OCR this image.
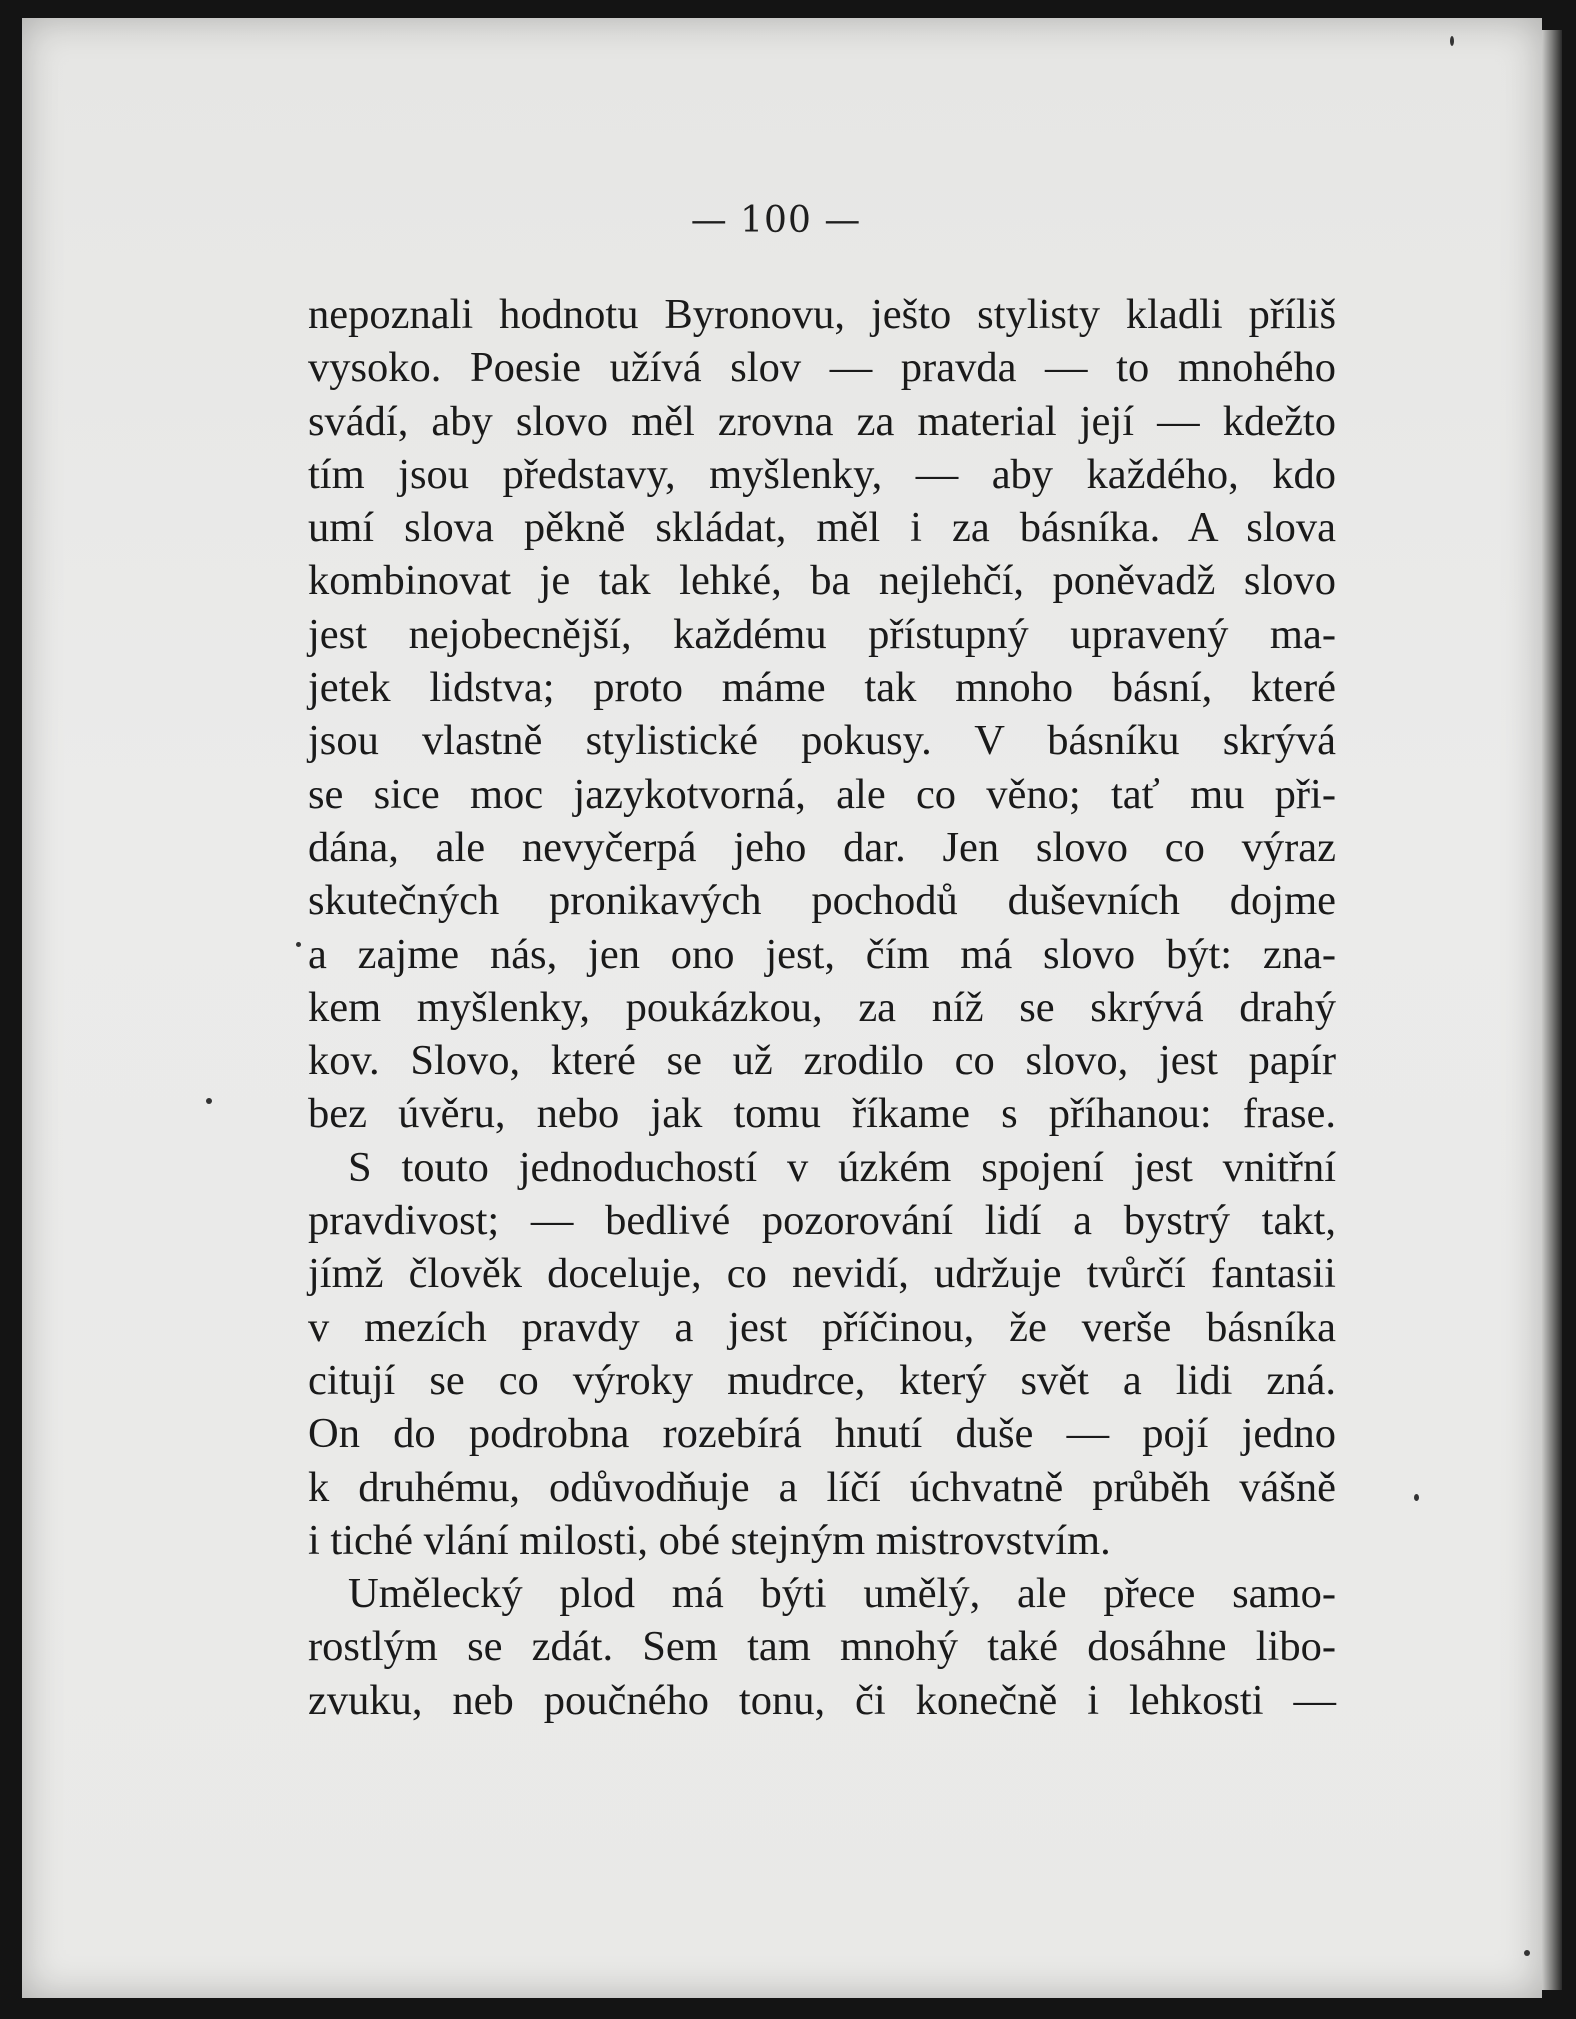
— 100 —
nepoznali hodnotu Byronovu, ješto stylisty kladli příliš
vysoko. Poesie užívá slov — pravda — to mnohého
svádí, aby slovo měl zrovna za material její — kdežto
tím jsou představy, myšlenky, — aby každého, kdo
umí slova pěkně skládat, měl i za básníka. A slova
kombinovat je tak lehké, ba nejlehčí, poněvadž slovo
jest nejobecnější, každému přístupný upravený ma-
jetek lidstva; proto máme tak mnoho básní, které
jsou vlastně stylistické pokusy. V básníku skrývá
se sice moc jazykotvorná, ale co věno; tať mu při-
dána, ale nevyčerpá jeho dar. Jen slovo co výraz
skutečných pronikavých pochodů duševních dojme
a zajme nás, jen ono jest, čím má slovo být: zna-
kem myšlenky, poukázkou, za níž se skrývá drahý
kov. Slovo, které se už zrodilo co slovo, jest papír
bez úvěru, nebo jak tomu říkame s příhanou: frase.
S touto jednoduchostí v úzkém spojení jest vnitřní
pravdivost; — bedlivé pozorování lidí a bystrý takt,
jímž člověk doceluje, co nevidí, udržuje tvůrčí fantasii
v mezích pravdy a jest příčinou, že verše básníka
citují se co výroky mudrce, který svět a lidi zná.
On do podrobna rozebírá hnutí duše — pojí jedno
k druhému, odůvodňuje a líčí úchvatně průběh vášně
i tiché vlání milosti, obé stejným mistrovstvím.
Umělecký plod má býti umělý, ale přece samo-
rostlým se zdát. Sem tam mnohý také dosáhne libo-
zvuku, neb poučného tonu, či konečně i lehkosti —
